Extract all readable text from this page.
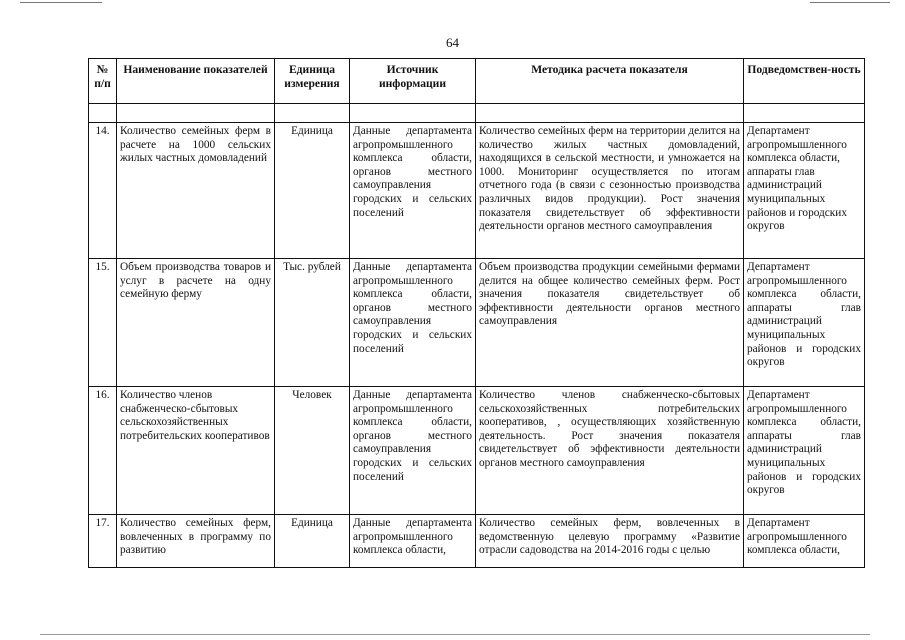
64
№ п/п	Наименование показателей	Единица измерения	Источник информации	Методика расчета показателя	Подведомствен-ность

14.	Количество семейных ферм в расчете на 1000 сельских жилых частных домовладений	Единица	Данные департамента агропромышленного комплекса области, органов местного самоуправления городских и сельских поселений	Количество семейных ферм на территории делится на количество жилых частных домовладений, находящихся в сельской местности, и умножается на 1000. Мониторинг осуществляется по итогам отчетного года (в связи с сезонностью производства различных видов продукции). Рост значения показателя свидетельствует об эффективности деятельности органов местного самоуправления	Департамент агропромышленного комплекса области, аппараты глав администраций муниципальных районов и городских округов
15.	Объем производства товаров и услуг в расчете на одну семейную ферму	Тыс. рублей	Данные департамента агропромышленного комплекса области, органов местного самоуправления городских и сельских поселений	Объем производства продукции семейными фермами делится на общее количество семейных ферм. Рост значения показателя свидетельствует об эффективности деятельности органов местного самоуправления	Департамент агропромышленного комплекса области, аппараты глав администраций муниципальных районов и городских округов
16.	Количество членов снабженческо-сбытовых сельскохозяйственных потребительских кооперативов	Человек	Данные департамента агропромышленного комплекса области, органов местного самоуправления городских и сельских поселений	Количество членов снабженческо-сбытовых сельскохозяйственных потребительских кооперативов, , осуществляющих хозяйственную деятельность. Рост значения показателя свидетельствует об эффективности деятельности органов местного самоуправления	Департамент агропромышленного комплекса области, аппараты глав администраций муниципальных районов и городских округов
17.	Количество семейных ферм, вовлеченных в программу по развитию	Единица	Данные департамента агропромышленного комплекса области,	Количество семейных ферм, вовлеченных в ведомственную целевую программу «Развитие отрасли садоводства на 2014-2016 годы с целью	Департамент агропромышленного комплекса области,
